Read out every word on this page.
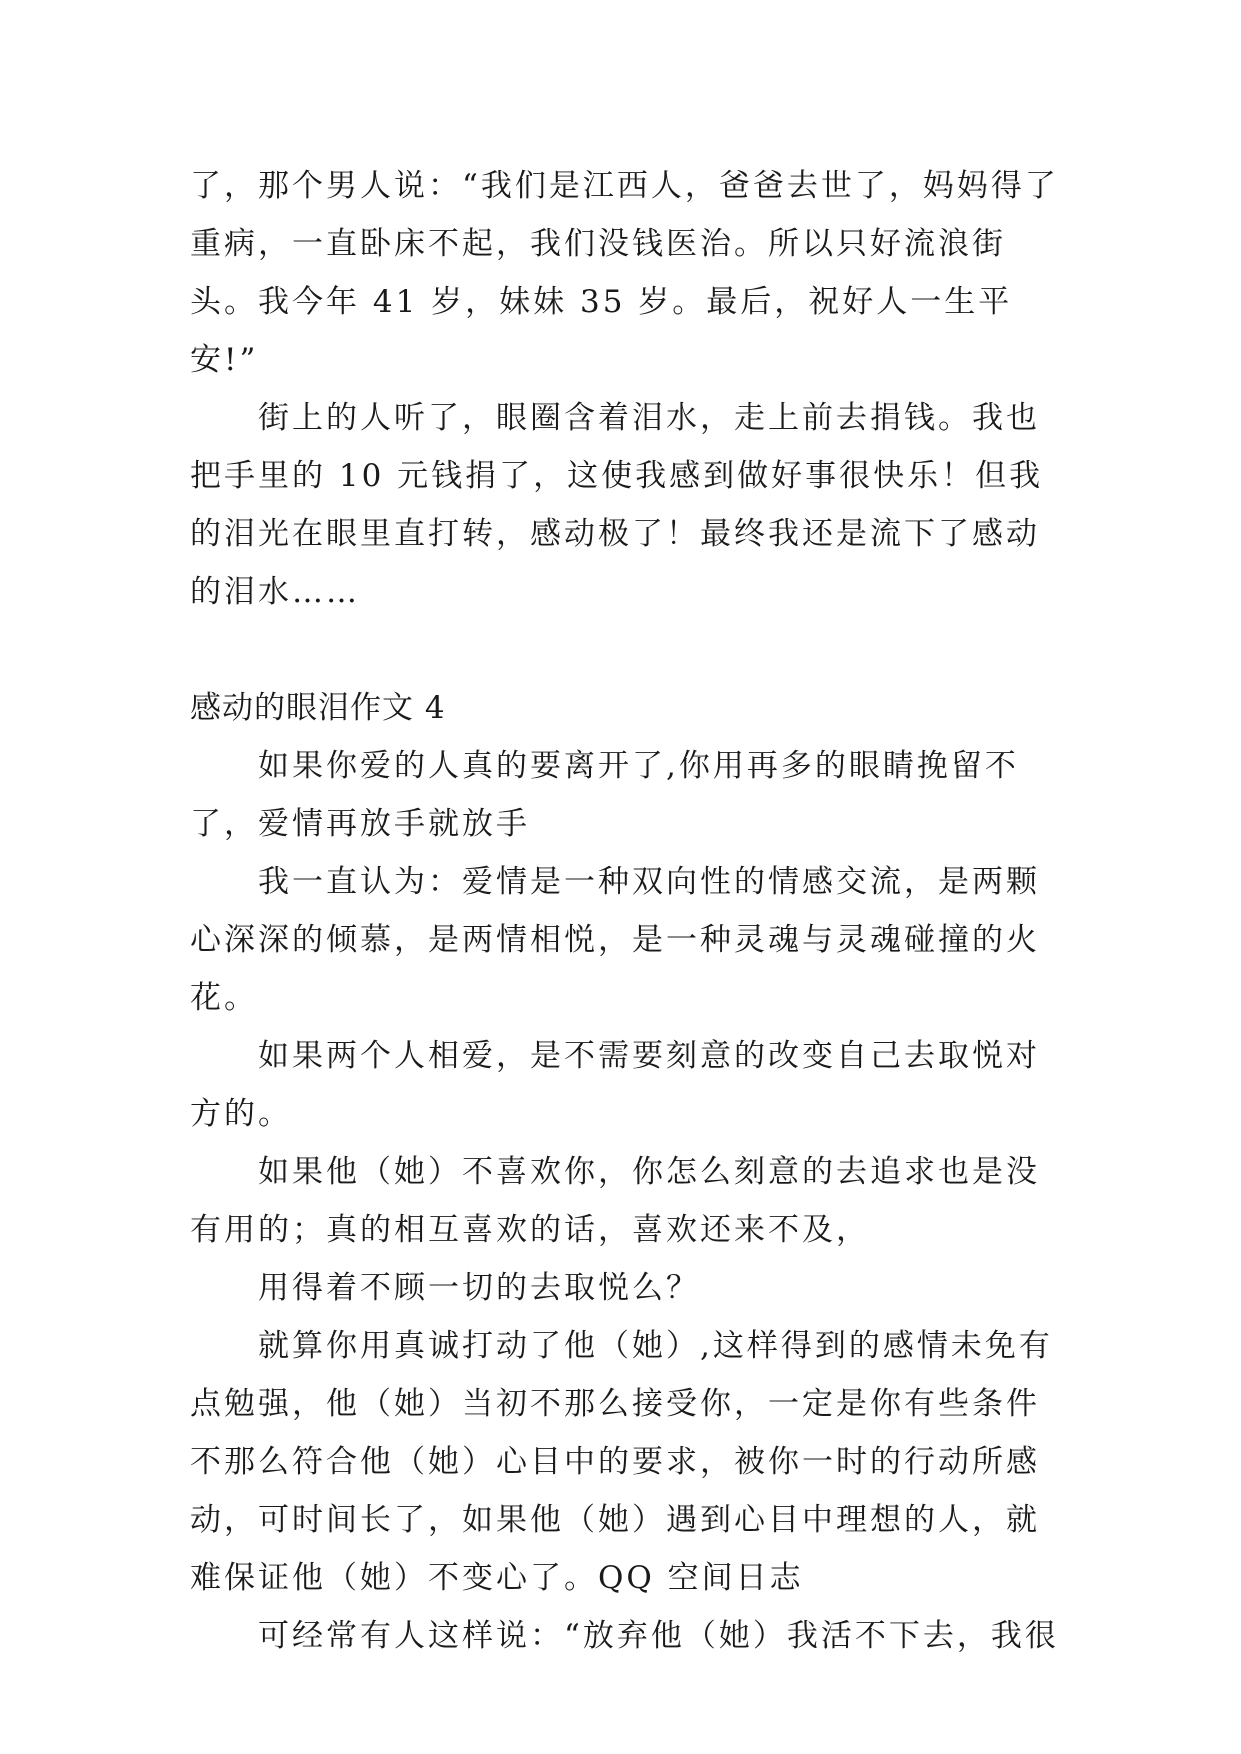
了，那个男人说：“我们是江西人，爸爸去世了，妈妈得了重病，一直卧床不起，我们没钱医治。所以只好流浪街头。我今年 41 岁，妹妹 35 岁。最后，祝好人一生平安!”

街上的人听了，眼圈含着泪水，走上前去捐钱。我也把手里的 10 元钱捐了，这使我感到做好事很快乐！但我的泪光在眼里直打转，感动极了！最终我还是流下了感动的泪水……

感动的眼泪作文 4

如果你爱的人真的要离开了,你用再多的眼睛挽留不了，爱情再放手就放手

我一直认为：爱情是一种双向性的情感交流，是两颗心深深的倾慕，是两情相悦，是一种灵魂与灵魂碰撞的火花。

如果两个人相爱，是不需要刻意的改变自己去取悦对方的。

如果他（她）不喜欢你，你怎么刻意的去追求也是没有用的；真的相互喜欢的话，喜欢还来不及，

用得着不顾一切的去取悦么？

就算你用真诚打动了他（她）,这样得到的感情未免有点勉强，他（她）当初不那么接受你，一定是你有些条件不那么符合他（她）心目中的要求，被你一时的行动所感动，可时间长了，如果他（她）遇到心目中理想的人，就难保证他（她）不变心了。QQ 空间日志

可经常有人这样说：“放弃他（她）我活不下去，我很
